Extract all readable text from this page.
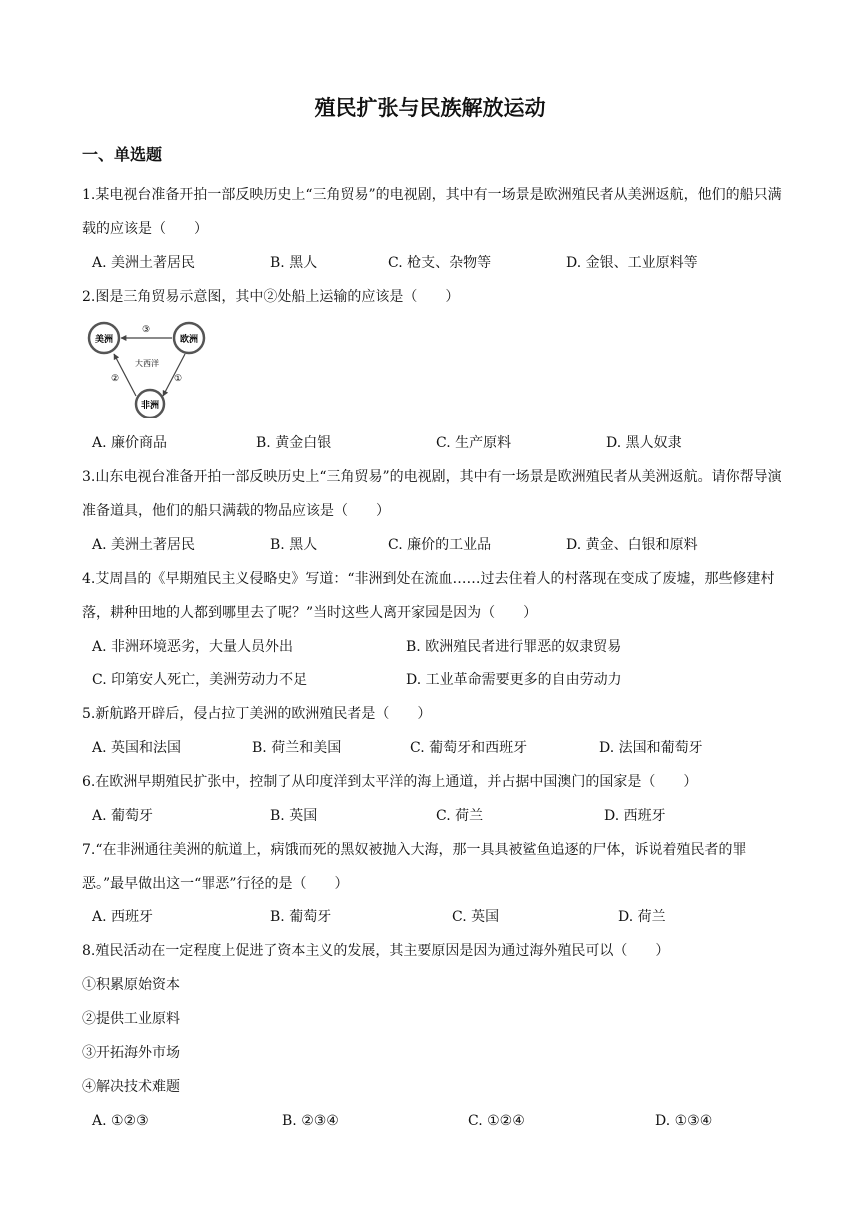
殖民扩张与民族解放运动
一、单选题
1.某电视台准备开拍一部反映历史上“三角贸易”的电视剧，其中有一场景是欧洲殖民者从美洲返航，他们的船只满载的应该是（　　）
A. 美洲土著居民	B. 黑人	C. 枪支、杂物等	D. 金银、工业原料等
2.图是三角贸易示意图，其中②处船上运输的应该是（　　）
美洲	欧洲
非洲
大西洋
③
②	①
A. 廉价商品	B. 黄金白银	C. 生产原料	D. 黑人奴隶
3.山东电视台准备开拍一部反映历史上“三角贸易”的电视剧，其中有一场景是欧洲殖民者从美洲返航。请你帮导演准备道具，他们的船只满载的物品应该是（　　）
A. 美洲土著居民	B. 黑人	C. 廉价的工业品	D. 黄金、白银和原料
4.艾周昌的《早期殖民主义侵略史》写道：“非洲到处在流血……过去住着人的村落现在变成了废墟，那些修建村落，耕种田地的人都到哪里去了呢？”当时这些人离开家园是因为（　　）
A. 非洲环境恶劣，大量人员外出	B. 欧洲殖民者进行罪恶的奴隶贸易
C. 印第安人死亡，美洲劳动力不足	D. 工业革命需要更多的自由劳动力
5.新航路开辟后，侵占拉丁美洲的欧洲殖民者是（　　）
A. 英国和法国	B. 荷兰和美国	C. 葡萄牙和西班牙	D. 法国和葡萄牙
6.在欧洲早期殖民扩张中，控制了从印度洋到太平洋的海上通道，并占据中国澳门的国家是（　　）
A. 葡萄牙	B. 英国	C. 荷兰	D. 西班牙
7.“在非洲通往美洲的航道上，病饿而死的黑奴被抛入大海，那一具具被鲨鱼追逐的尸体，诉说着殖民者的罪恶。”最早做出这一“罪恶”行径的是（　　）
A. 西班牙	B. 葡萄牙	C. 英国	D. 荷兰
8.殖民活动在一定程度上促进了资本主义的发展，其主要原因是因为通过海外殖民可以（　　）
①积累原始资本
②提供工业原料
③开拓海外市场
④解决技术难题
A. ①②③	B. ②③④	C. ①②④	D. ①③④
